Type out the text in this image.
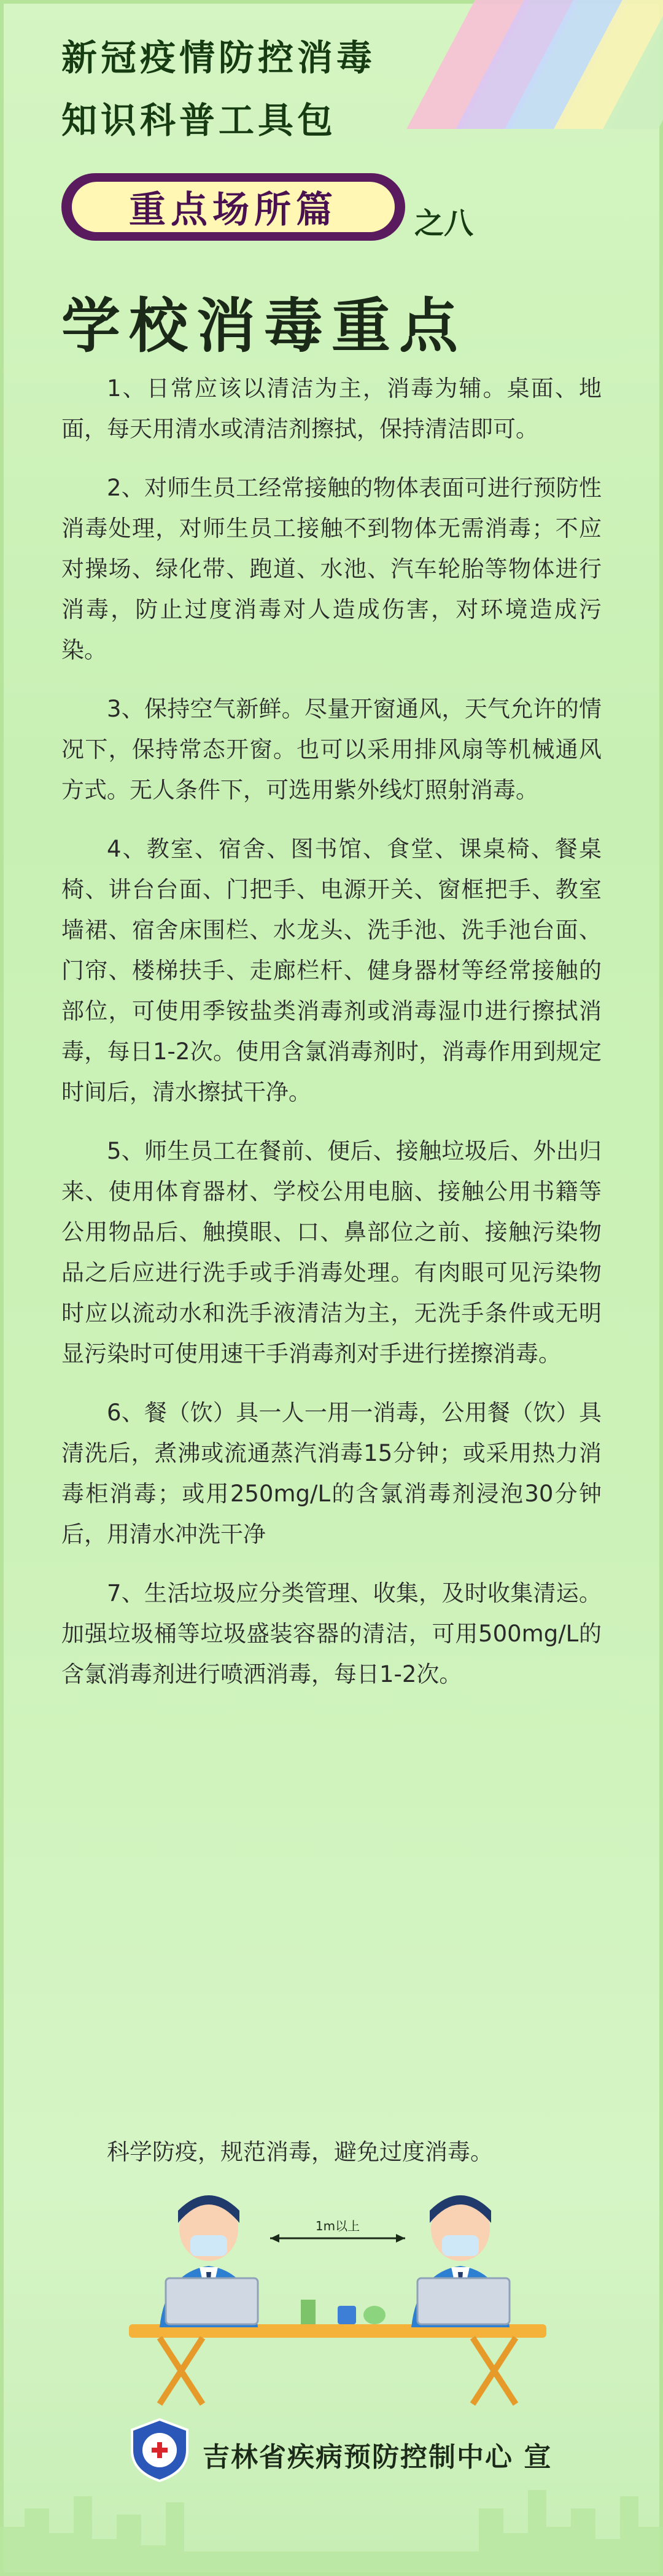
新冠疫情防控消毒
知识科普工具包
重点场所篇	之八
学校消毒重点

1、日常应该以清洁为主，消毒为辅。桌面、地面，每天用清水或清洁剂擦拭，保持清洁即可。

2、对师生员工经常接触的物体表面可进行预防性消毒处理，对师生员工接触不到物体无需消毒；不应对操场、绿化带、跑道、水池、汽车轮胎等物体进行消毒，防止过度消毒对人造成伤害，对环境造成污染。

3、保持空气新鲜。尽量开窗通风，天气允许的情况下，保持常态开窗。也可以采用排风扇等机械通风方式。无人条件下，可选用紫外线灯照射消毒。

4、教室、宿舍、图书馆、食堂、课桌椅、餐桌椅、讲台台面、门把手、电源开关、窗框把手、教室墙裙、宿舍床围栏、水龙头、洗手池、洗手池台面、门帘、楼梯扶手、走廊栏杆、健身器材等经常接触的部位，可使用季铵盐类消毒剂或消毒湿巾进行擦拭消毒，每日1-2次。使用含氯消毒剂时，消毒作用到规定时间后，清水擦拭干净。

5、师生员工在餐前、便后、接触垃圾后、外出归来、使用体育器材、学校公用电脑、接触公用书籍等公用物品后、触摸眼、口、鼻部位之前、接触污染物品之后应进行洗手或手消毒处理。有肉眼可见污染物时应以流动水和洗手液清洁为主，无洗手条件或无明显污染时可使用速干手消毒剂对手进行搓擦消毒。

6、餐（饮）具一人一用一消毒，公用餐（饮）具清洗后，煮沸或流通蒸汽消毒15分钟；或采用热力消毒柜消毒；或用250mg/L的含氯消毒剂浸泡30分钟后，用清水冲洗干净

7、生活垃圾应分类管理、收集，及时收集清运。加强垃圾桶等垃圾盛装容器的清洁，可用500mg/L的含氯消毒剂进行喷洒消毒，每日1-2次。

科学防疫，规范消毒，避免过度消毒。
1m以上
吉林省疾病预防控制中心 宣
